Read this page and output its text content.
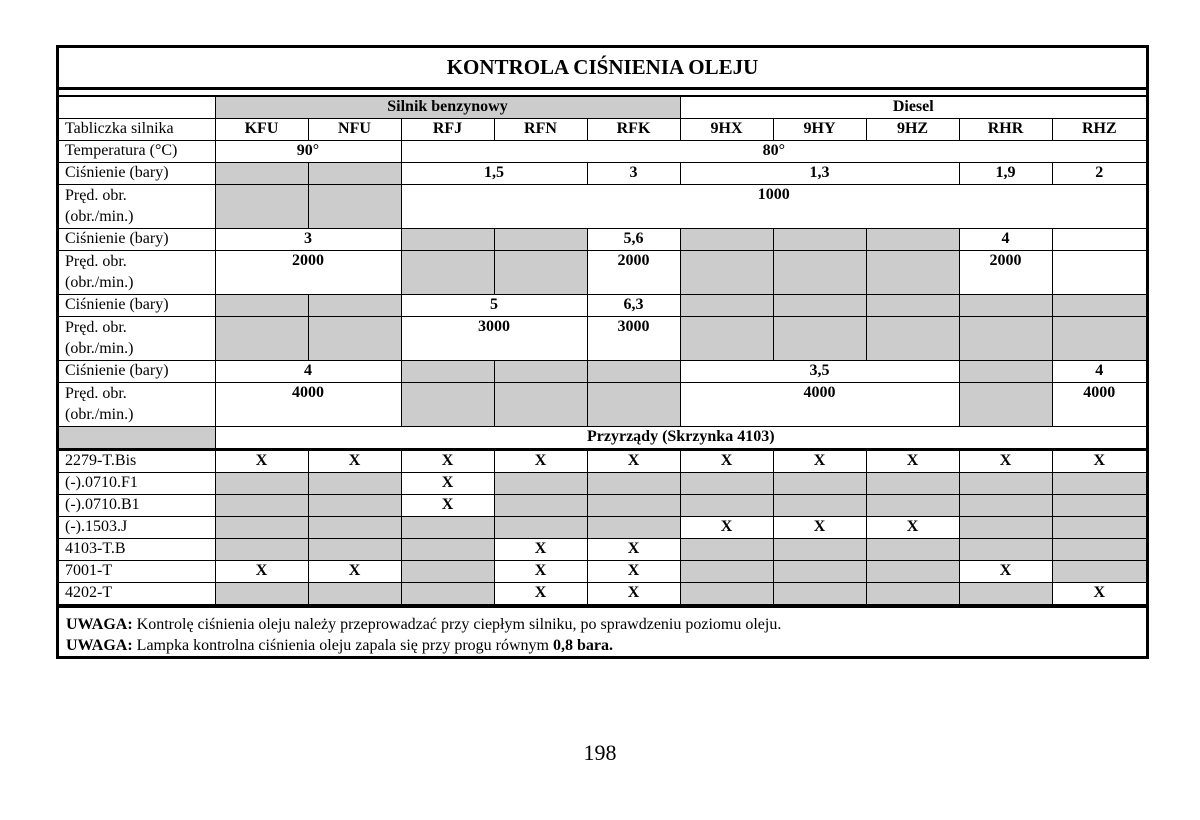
KONTROLA CIŚNIENIA OLEJU
	Silnik benzynowy					Diesel				
Tabliczka silnika	KFU	NFU	RFJ	RFN	RFK	9HX	9HY	9HZ	RHR	RHZ
Temperatura (°C)	90°		80°							
Ciśnienie (bary)			1,5		3	1,3			1,9	2
Pręd. obr.
(obr./min.)			1000							
Ciśnienie (bary)	3				5,6				4	
Pręd. obr.
(obr./min.)	2000				2000				2000	
Ciśnienie (bary)			5		6,3					
Pręd. obr.
(obr./min.)			3000		3000					
Ciśnienie (bary)	4					3,5				4
Pręd. obr.
(obr./min.)	4000					4000				4000
	Przyrządy (Skrzynka 4103)									
2279-T.Bis	X	X	X	X	X	X	X	X	X	X
(-).0710.F1			X							
(-).0710.B1			X							
(-).1503.J						X	X	X		
4103-T.B				X	X					
7001-T	X	X		X	X				X	
4202-T				X	X					X
UWAGA: Kontrolę ciśnienia oleju należy przeprowadzać przy ciepłym silniku, po sprawdzeniu poziomu oleju.
UWAGA: Lampka kontrolna ciśnienia oleju zapala się przy progu równym 0,8 bara.
198
